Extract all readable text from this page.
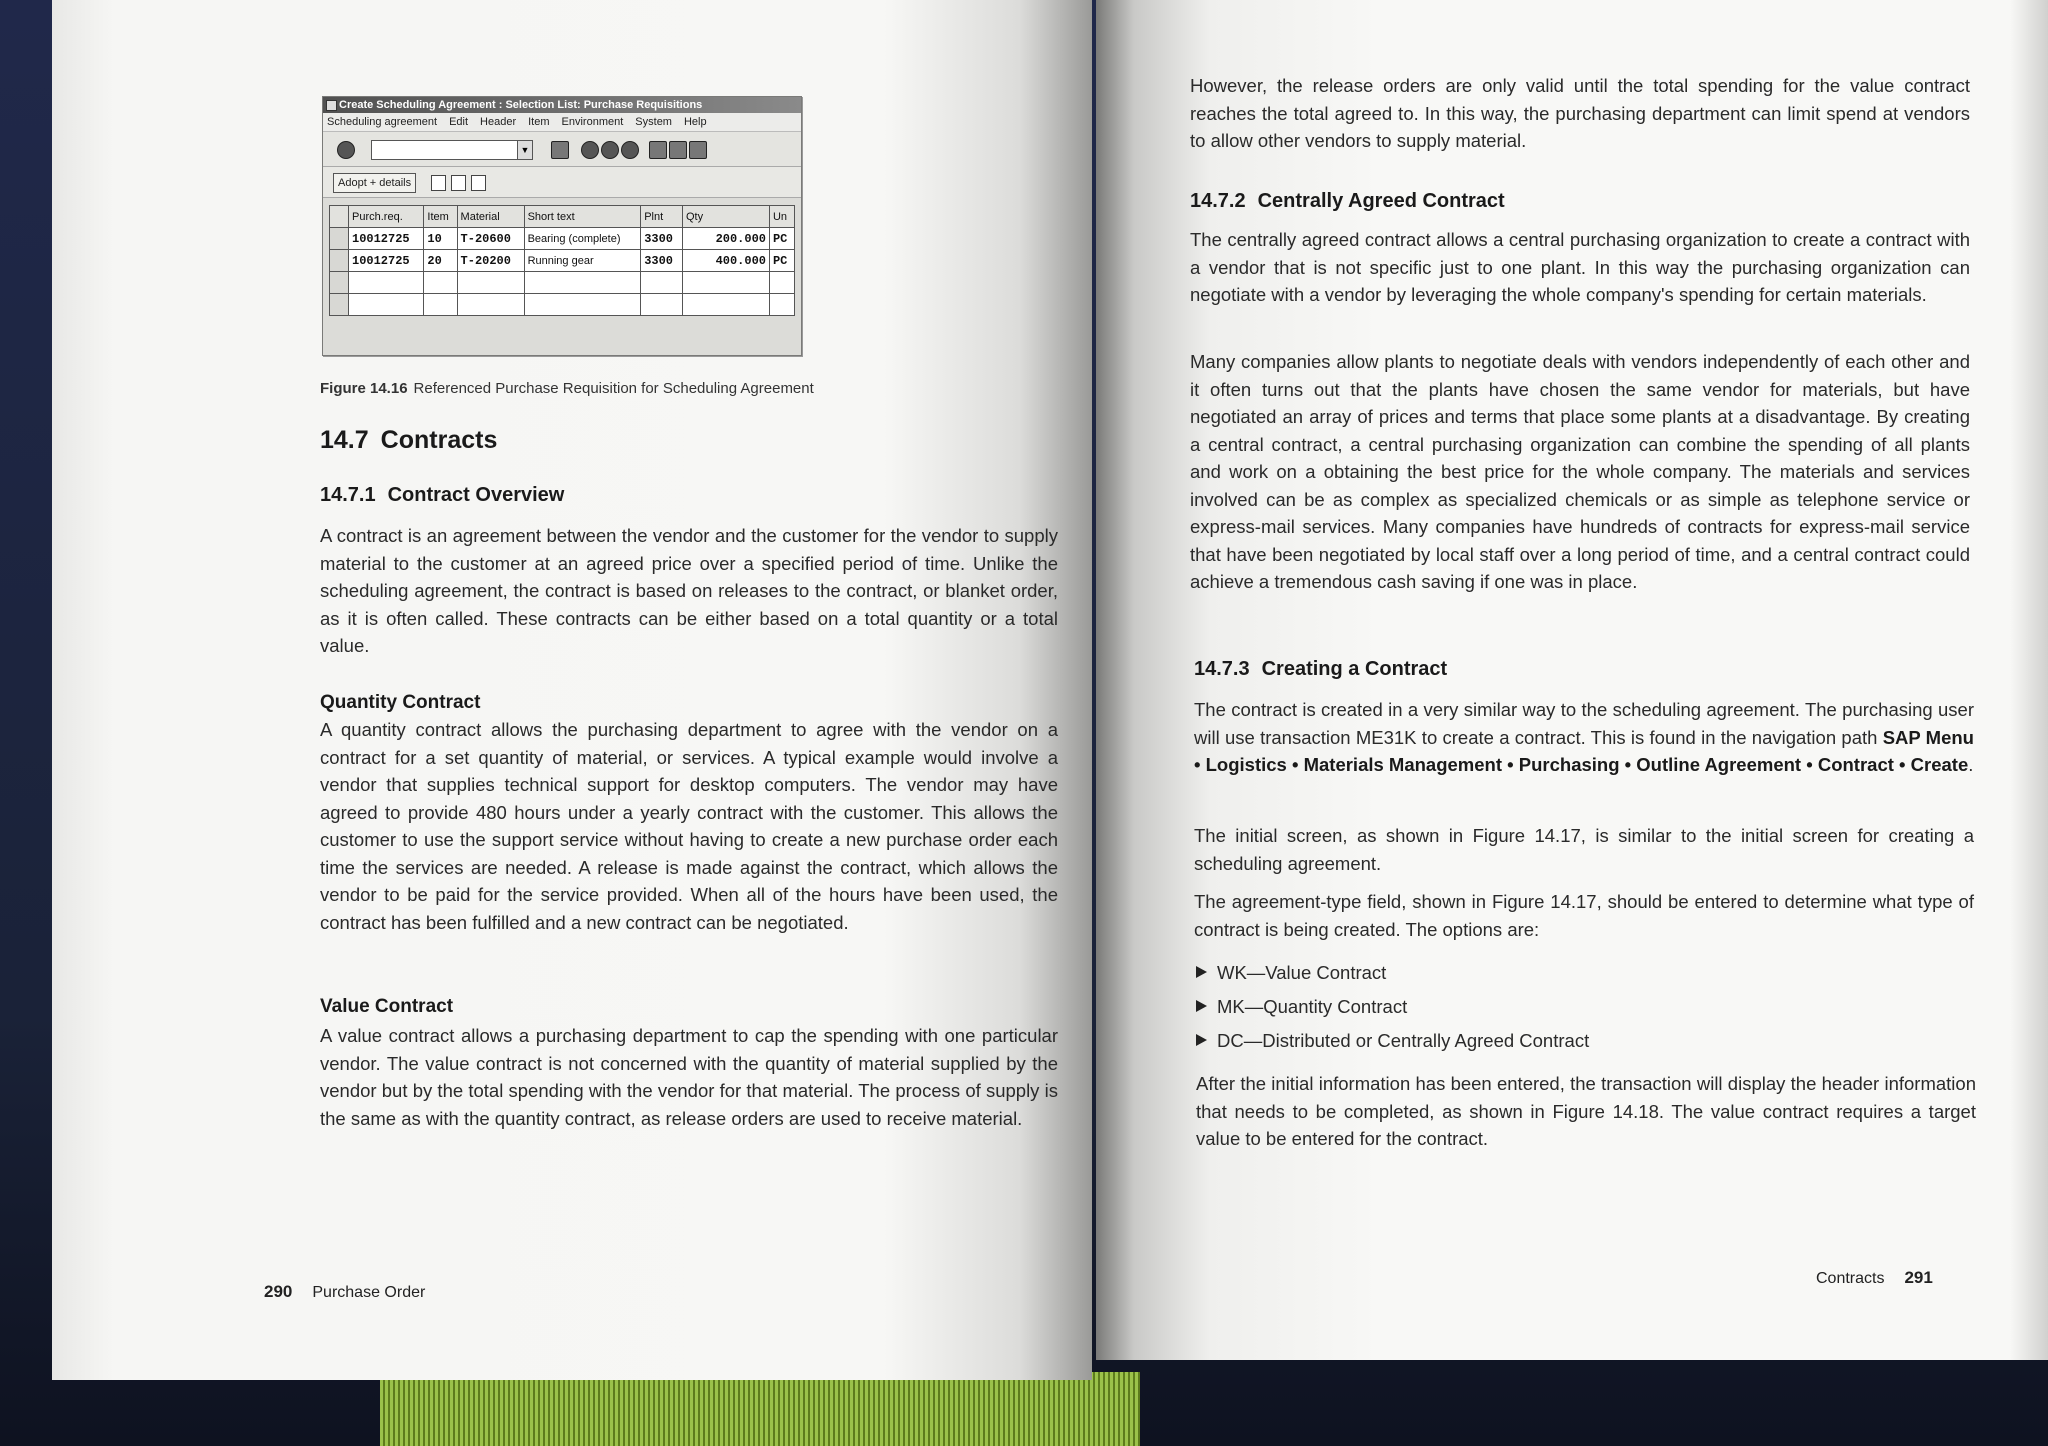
Create Scheduling Agreement : Selection List: Purchase Requisitions
Scheduling agreement Edit Header Item Environment System Help
▼
Adopt + details
	Purch.req.	Item	Material	Short text	Plnt	Qty	Un
	10012725	10	T-20600	Bearing (complete)	3300	200.000	PC
	10012725	20	T-20200	Running gear	3300	400.000	PC

Figure 14.16 Referenced Purchase Requisition for Scheduling Agreement
14.7 Contracts
14.7.1 Contract Overview

A contract is an agreement between the vendor and the customer for the vendor to supply material to the customer at an agreed price over a specified period of time. Unlike the scheduling agreement, the contract is based on releases to the contract, or blanket order, as it is often called. These contracts can be either based on a total quantity or a total value.

Quantity Contract

A quantity contract allows the purchasing department to agree with the vendor on a contract for a set quantity of material, or services. A typical example would involve a vendor that supplies technical support for desktop computers. The vendor may have agreed to provide 480 hours under a yearly contract with the customer. This allows the customer to use the support service without having to create a new purchase order each time the services are needed. A release is made against the contract, which allows the vendor to be paid for the service provided. When all of the hours have been used, the contract has been fulfilled and a new contract can be negotiated.

Value Contract

A value contract allows a purchasing department to cap the spending with one particular vendor. The value contract is not concerned with the quantity of material supplied by the vendor but by the total spending with the vendor for that material. The process of supply is the same as with the quantity contract, as release orders are used to receive material.

290 Purchase Order

However, the release orders are only valid until the total spending for the value contract reaches the total agreed to. In this way, the purchasing department can limit spend at vendors to allow other vendors to supply material.

14.7.2 Centrally Agreed Contract

The centrally agreed contract allows a central purchasing organization to create a contract with a vendor that is not specific just to one plant. In this way the purchasing organization can negotiate with a vendor by leveraging the whole company's spending for certain materials.

Many companies allow plants to negotiate deals with vendors independently of each other and it often turns out that the plants have chosen the same vendor for materials, but have negotiated an array of prices and terms that place some plants at a disadvantage. By creating a central contract, a central purchasing organization can combine the spending of all plants and work on a obtaining the best price for the whole company. The materials and services involved can be as complex as specialized chemicals or as simple as telephone service or express-mail services. Many companies have hundreds of contracts for express-mail service that have been negotiated by local staff over a long period of time, and a central contract could achieve a tremendous cash saving if one was in place.

14.7.3 Creating a Contract

The contract is created in a very similar way to the scheduling agreement. The purchasing user will use transaction ME31K to create a contract. This is found in the navigation path SAP Menu • Logistics • Materials Management • Purchasing • Outline Agreement • Contract • Create.

The initial screen, as shown in Figure 14.17, is similar to the initial screen for creating a scheduling agreement.

The agreement-type field, shown in Figure 14.17, should be entered to determine what type of contract is being created. The options are:

WK—Value Contract
MK—Quantity Contract
DC—Distributed or Centrally Agreed Contract

After the initial information has been entered, the transaction will display the header information that needs to be completed, as shown in Figure 14.18. The value contract requires a target value to be entered for the contract.

Contracts 291
